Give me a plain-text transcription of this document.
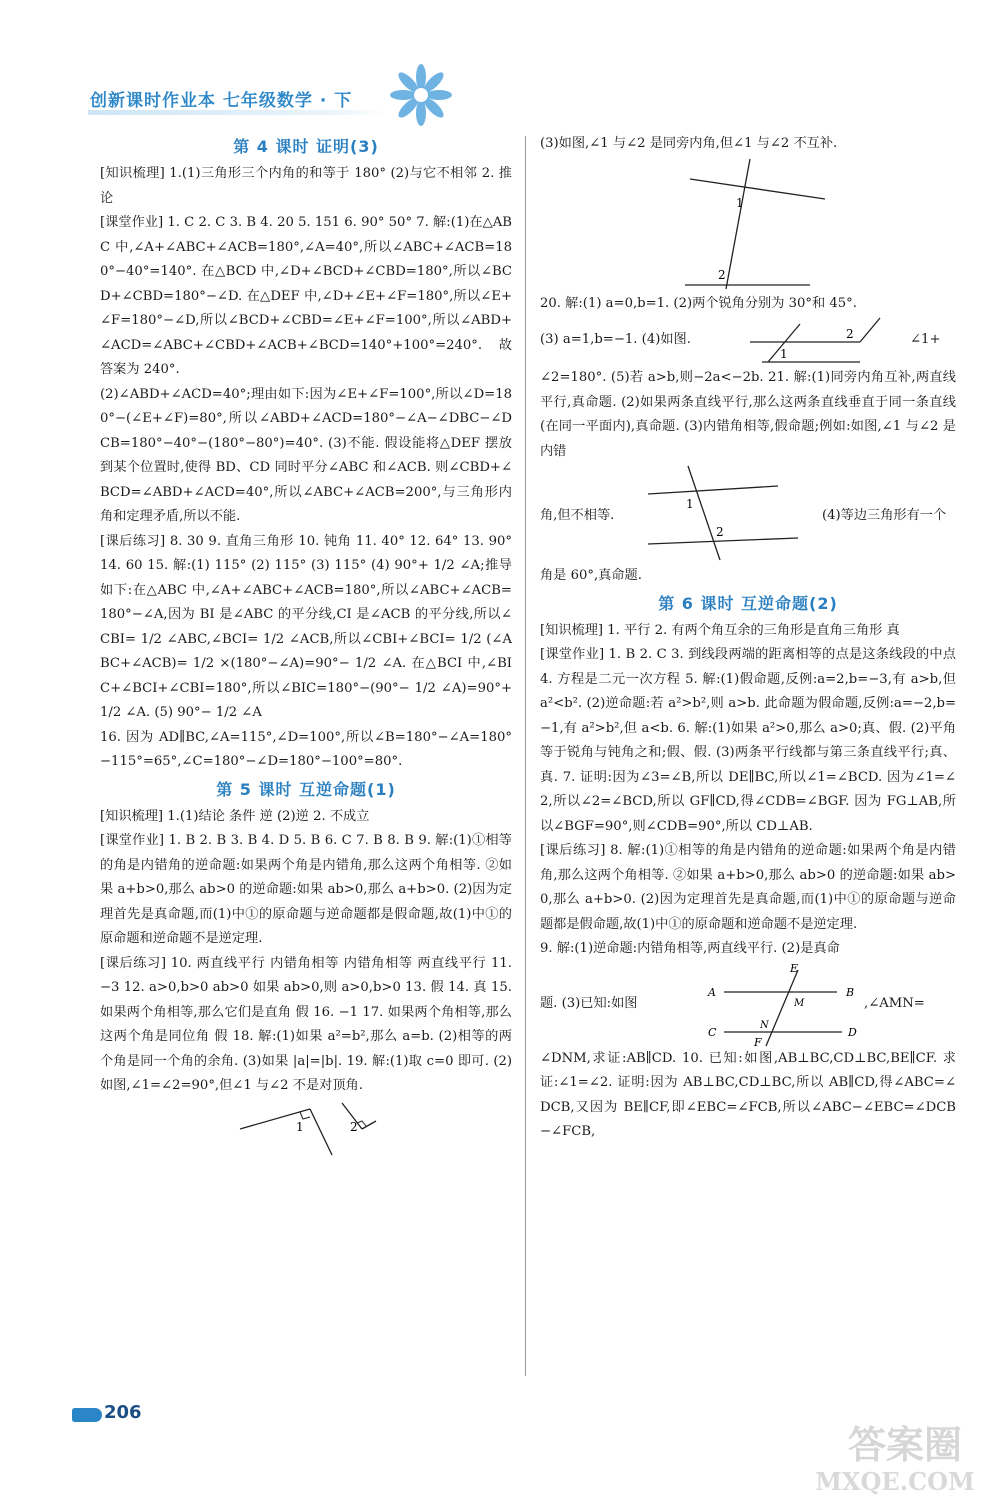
创新课时作业本 七年级数学 · 下
第 4 课时 证明(3)

[知识梳理] 1.(1)三角形三个内角的和等于 180° (2)与它不相邻 2. 推论

[课堂作业] 1. C 2. C 3. B 4. 20 5. 151 6. 90° 50° 7. 解:(1)在△ABC 中,∠A+∠ABC+∠ACB=180°,∠A=40°,所以∠ABC+∠ACB=180°−40°=140°. 在△BCD 中,∠D+∠BCD+∠CBD=180°,所以∠BCD+∠CBD=180°−∠D. 在△DEF 中,∠D+∠E+∠F=180°,所以∠E+∠F=180°−∠D,所以∠BCD+∠CBD=∠E+∠F=100°,所以∠ABD+∠ACD=∠ABC+∠CBD+∠ACB+∠BCD=140°+100°=240°. 故答案为 240°.

(2)∠ABD+∠ACD=40°;理由如下:因为∠E+∠F=100°,所以∠D=180°−(∠E+∠F)=80°,所以∠ABD+∠ACD=180°−∠A−∠DBC−∠DCB=180°−40°−(180°−80°)=40°. (3)不能. 假设能将△DEF 摆放到某个位置时,使得 BD、CD 同时平分∠ABC 和∠ACB. 则∠CBD+∠BCD=∠ABD+∠ACD=40°,所以∠ABC+∠ACB=200°,与三角形内角和定理矛盾,所以不能.

[课后练习] 8. 30 9. 直角三角形 10. 钝角 11. 40° 12. 64° 13. 90° 14. 60 15. 解:(1) 115° (2) 115° (3) 115° (4) 90°+ 1/2 ∠A;推导如下:在△ABC 中,∠A+∠ABC+∠ACB=180°,所以∠ABC+∠ACB=180°−∠A,因为 BI 是∠ABC 的平分线,CI 是∠ACB 的平分线,所以∠CBI= 1/2 ∠ABC,∠BCI= 1/2 ∠ACB,所以∠CBI+∠BCI= 1/2 (∠ABC+∠ACB)= 1/2 ×(180°−∠A)=90°− 1/2 ∠A. 在△BCI 中,∠BIC+∠BCI+∠CBI=180°,所以∠BIC=180°−(90°− 1/2 ∠A)=90°+ 1/2 ∠A. (5) 90°− 1/2 ∠A

16. 因为 AD∥BC,∠A=115°,∠D=100°,所以∠B=180°−∠A=180°−115°=65°,∠C=180°−∠D=180°−100°=80°.

第 5 课时 互逆命题(1)

[知识梳理] 1.(1)结论 条件 逆 (2)逆 2. 不成立

[课堂作业] 1. B 2. B 3. B 4. D 5. B 6. C 7. B 8. B 9. 解:(1)①相等的角是内错角的逆命题:如果两个角是内错角,那么这两个角相等. ②如果 a+b>0,那么 ab>0 的逆命题:如果 ab>0,那么 a+b>0. (2)因为定理首先是真命题,而(1)中①的原命题与逆命题都是假命题,故(1)中①的原命题和逆命题不是逆定理.

[课后练习] 10. 两直线平行 内错角相等 内错角相等 两直线平行 11. −3 12. a>0,b>0 ab>0 如果 ab>0,则 a>0,b>0 13. 假 14. 真 15. 如果两个角相等,那么它们是直角 假 16. −1 17. 如果两个角相等,那么这两个角是同位角 假 18. 解:(1)如果 a²=b²,那么 a=b. (2)相等的两个角是同一个角的余角. (3)如果 |a|=|b|. 19. 解:(1)取 c=0 即可. (2)如图,∠1=∠2=90°,但∠1 与∠2 不是对顶角.

1	2

(3)如图,∠1 与∠2 是同旁内角,但∠1 与∠2 不互补.

1
2

20. 解:(1) a=0,b=1. (2)两个锐角分别为 30°和 45°.

(3) a=1,b=−1. (4)如图.
1
2	∠1+

∠2=180°. (5)若 a>b,则−2a<−2b. 21. 解:(1)同旁内角互补,两直线平行,真命题. (2)如果两条直线平行,那么这两条直线垂直于同一条直线(在同一平面内),真命题. (3)内错角相等,假命题;例如:如图,∠1 与∠2 是内错

角,但不相等.
1
2
(4)等边三角形有一个

角是 60°,真命题.

第 6 课时 互逆命题(2)

[知识梳理] 1. 平行 2. 有两个角互余的三角形是直角三角形 真

[课堂作业] 1. B 2. C 3. 到线段两端的距离相等的点是这条线段的中点 4. 方程是二元一次方程 5. 解:(1)假命题,反例:a=2,b=−3,有 a>b,但 a²<b². (2)逆命题:若 a²>b²,则 a>b. 此命题为假命题,反例:a=−2,b=−1,有 a²>b²,但 a<b. 6. 解:(1)如果 a²>0,那么 a>0;真、假. (2)平角等于锐角与钝角之和;假、假. (3)两条平行线都与第三条直线平行;真、真. 7. 证明:因为∠3=∠B,所以 DE∥BC,所以∠1=∠BCD. 因为∠1=∠2,所以∠2=∠BCD,所以 GF∥CD,得∠CDB=∠BGF. 因为 FG⊥AB,所以∠BGF=90°,则∠CDB=90°,所以 CD⊥AB.

[课后练习] 8. 解:(1)①相等的角是内错角的逆命题:如果两个角是内错角,那么这两个角相等. ②如果 a+b>0,那么 ab>0 的逆命题:如果 ab>0,那么 a+b>0. (2)因为定理首先是真命题,而(1)中①的原命题与逆命题都是假命题,故(1)中①的原命题和逆命题不是逆定理.

9. 解:(1)逆命题:内错角相等,两直线平行. (2)是真命

题. (3)已知:如图
E
A
M
B
C
N
D
F
,∠AMN=

∠DNM,求证:AB∥CD. 10. 已知:如图,AB⊥BC,CD⊥BC,BE∥CF. 求证:∠1=∠2. 证明:因为 AB⊥BC,CD⊥BC,所以 AB∥CD,得∠ABC=∠DCB,又因为 BE∥CF,即∠EBC=∠FCB,所以∠ABC−∠EBC=∠DCB−∠FCB,

206
答案圈
MXQE.COM
